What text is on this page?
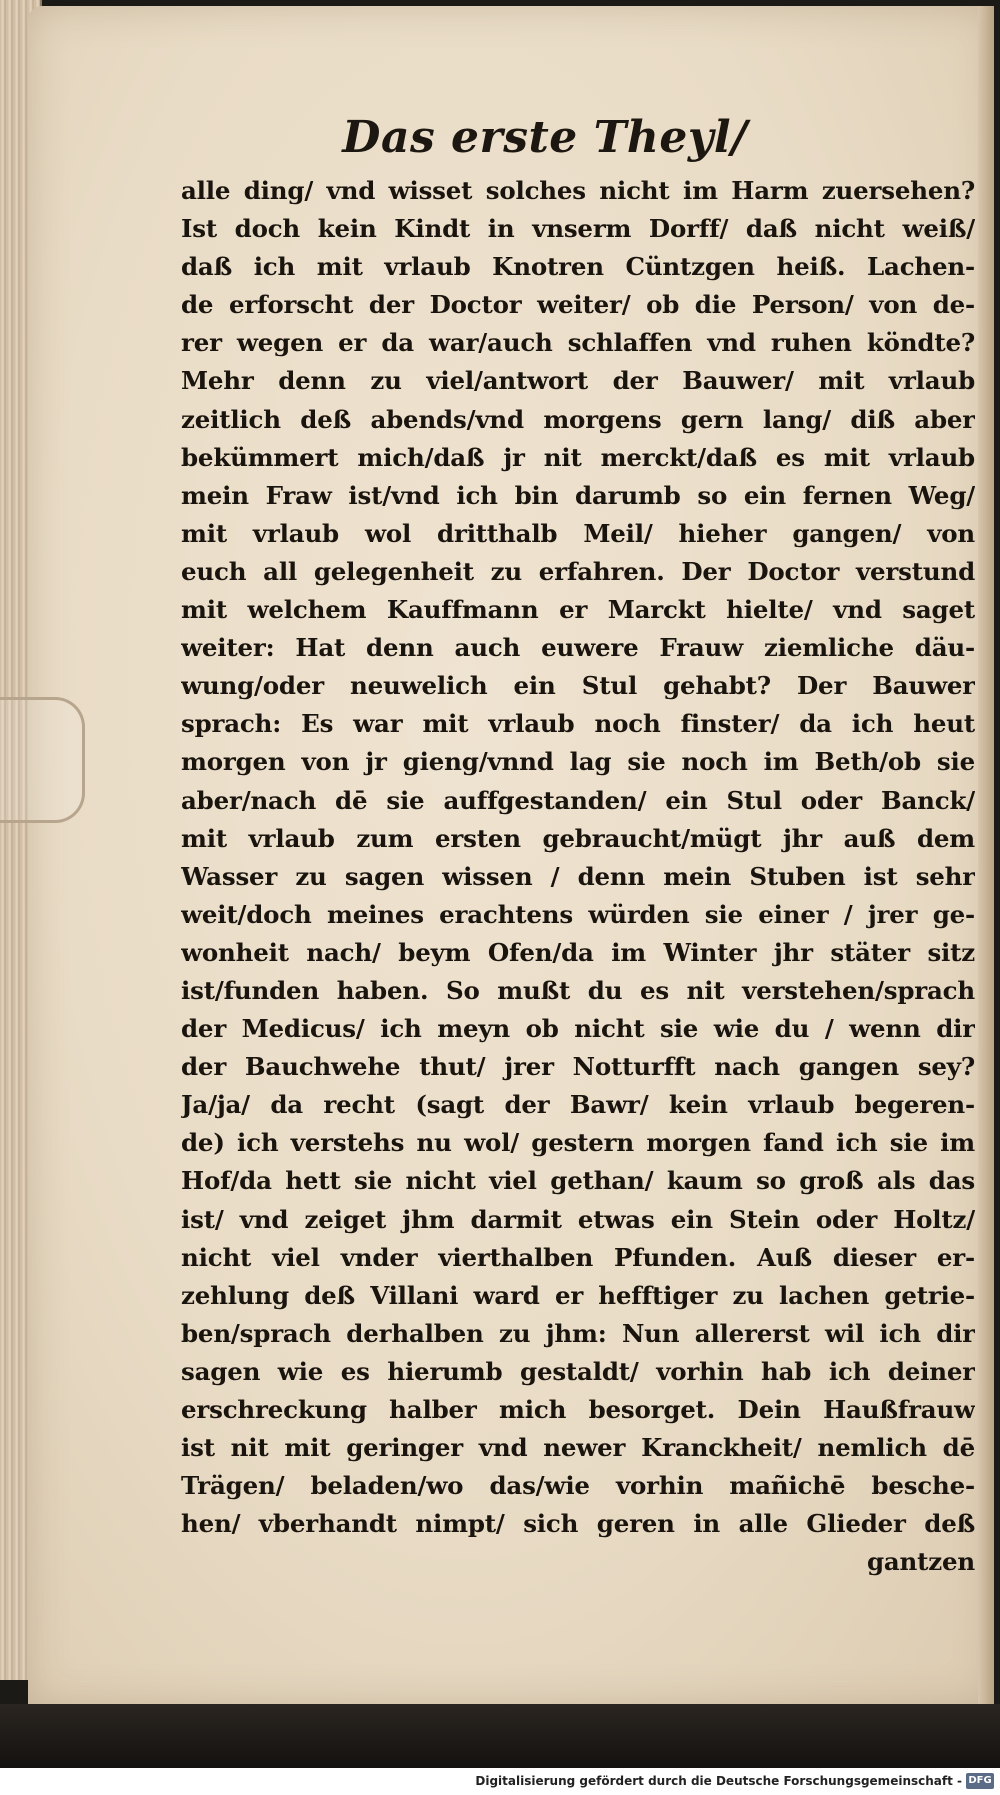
Das erste Theyl/
alle ding/ vnd wisset solches nicht im Harm zuersehen?
Ist doch kein Kindt in vnserm Dorff/ daß nicht weiß/
daß ich mit vrlaub Knotren Cüntzgen heiß. Lachen-
de erforscht der Doctor weiter/ ob die Person/ von de-
rer wegen er da war/auch schlaffen vnd ruhen köndte?
Mehr denn zu viel/antwort der Bauwer/ mit vrlaub
zeitlich deß abends/vnd morgens gern lang/ diß aber
bekümmert mich/daß jr nit merckt/daß es mit vrlaub
mein Fraw ist/vnd ich bin darumb so ein fernen Weg/
mit vrlaub wol dritthalb Meil/ hieher gangen/ von
euch all gelegenheit zu erfahren. Der Doctor verstund
mit welchem Kauffmann er Marckt hielte/ vnd saget
weiter: Hat denn auch euwere Frauw ziemliche däu-
wung/oder neuwelich ein Stul gehabt? Der Bauwer
sprach: Es war mit vrlaub noch finster/ da ich heut
morgen von jr gieng/vnnd lag sie noch im Beth/ob sie
aber/nach dē sie auffgestanden/ ein Stul oder Banck/
mit vrlaub zum ersten gebraucht/mügt jhr auß dem
Wasser zu sagen wissen / denn mein Stuben ist sehr
weit/doch meines erachtens würden sie einer / jrer ge-
wonheit nach/ beym Ofen/da im Winter jhr stäter sitz
ist/funden haben. So mußt du es nit verstehen/sprach
der Medicus/ ich meyn ob nicht sie wie du / wenn dir
der Bauchwehe thut/ jrer Notturfft nach gangen sey?
Ja/ja/ da recht (sagt der Bawr/ kein vrlaub begeren-
de) ich verstehs nu wol/ gestern morgen fand ich sie im
Hof/da hett sie nicht viel gethan/ kaum so groß als das
ist/ vnd zeiget jhm darmit etwas ein Stein oder Holtz/
nicht viel vnder vierthalben Pfunden. Auß dieser er-
zehlung deß Villani ward er hefftiger zu lachen getrie-
ben/sprach derhalben zu jhm: Nun allererst wil ich dir
sagen wie es hierumb gestaldt/ vorhin hab ich deiner
erschreckung halber mich besorget. Dein Haußfrauw
ist nit mit geringer vnd newer Kranckheit/ nemlich dē
Trägen/ beladen/wo das/wie vorhin mañichē besche-
hen/ vberhandt nimpt/ sich geren in alle Glieder deß
gantzen
Digitalisierung gefördert durch die Deutsche Forschungsgemeinschaft - DFG
